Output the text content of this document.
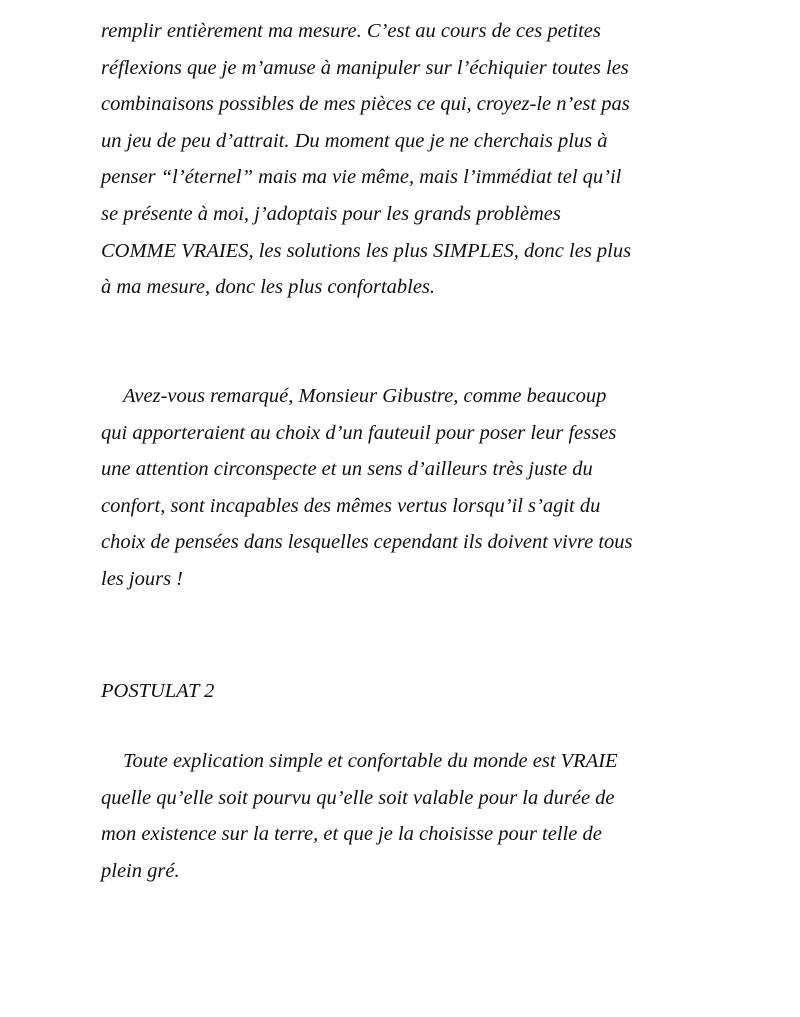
remplir entièrement ma mesure. C’est au cours de ces petites
réflexions que je m’amuse à manipuler sur l’échiquier toutes les
combinaisons possibles de mes pièces ce qui, croyez-le n’est pas
un jeu de peu d’attrait. Du moment que je ne cherchais plus à
penser “l’éternel” mais ma vie même, mais l’immédiat tel qu’il
se présente à moi, j’adoptais pour les grands problèmes
COMME VRAIES, les solutions les plus SIMPLES, donc les plus
à ma mesure, donc les plus confortables.
Avez-vous remarqué, Monsieur Gibustre, comme beaucoup
qui apporteraient au choix d’un fauteuil pour poser leur fesses
une attention circonspecte et un sens d’ailleurs très juste du
confort, sont incapables des mêmes vertus lorsqu’il s’agit du
choix de pensées dans lesquelles cependant ils doivent vivre tous
les jours !
POSTULAT 2
Toute explication simple et confortable du monde est VRAIE
quelle qu’elle soit pourvu qu’elle soit valable pour la durée de
mon existence sur la terre, et que je la choisisse pour telle de
plein gré.
